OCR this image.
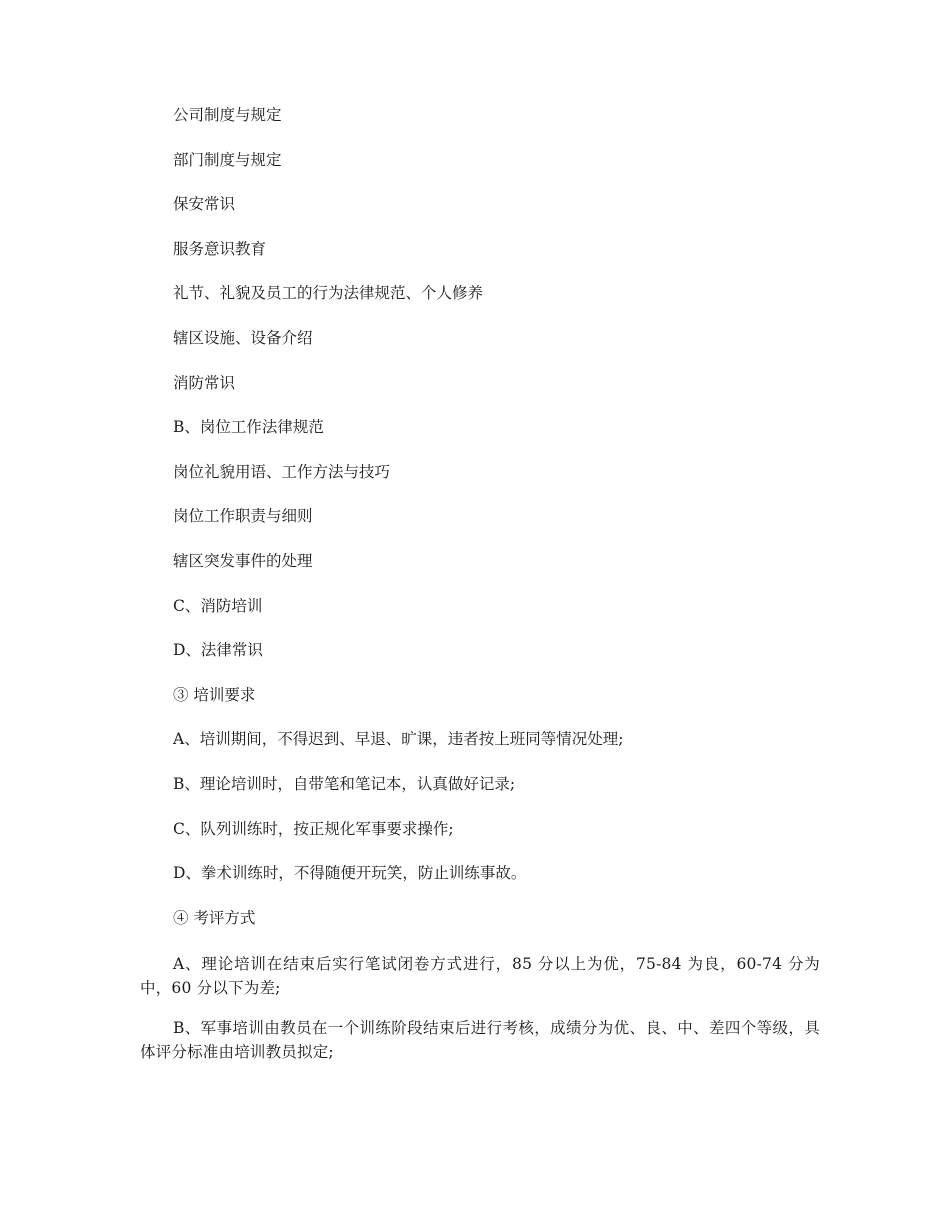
公司制度与规定

部门制度与规定

保安常识

服务意识教育

礼节、礼貌及员工的行为法律规范、个人修养

辖区设施、设备介绍

消防常识

B、岗位工作法律规范

岗位礼貌用语、工作方法与技巧

岗位工作职责与细则

辖区突发事件的处理

C、消防培训

D、法律常识

③ 培训要求

A、培训期间，不得迟到、早退、旷课，违者按上班同等情况处理;

B、理论培训时，自带笔和笔记本，认真做好记录;

C、队列训练时，按正规化军事要求操作;

D、拳术训练时，不得随便开玩笑，防止训练事故。

④ 考评方式

A、理论培训在结束后实行笔试闭卷方式进行，85 分以上为优，75-84 为良，60-74 分为中，60 分以下为差;

B、军事培训由教员在一个训练阶段结束后进行考核，成绩分为优、良、中、差四个等级，具体评分标准由培训教员拟定;
